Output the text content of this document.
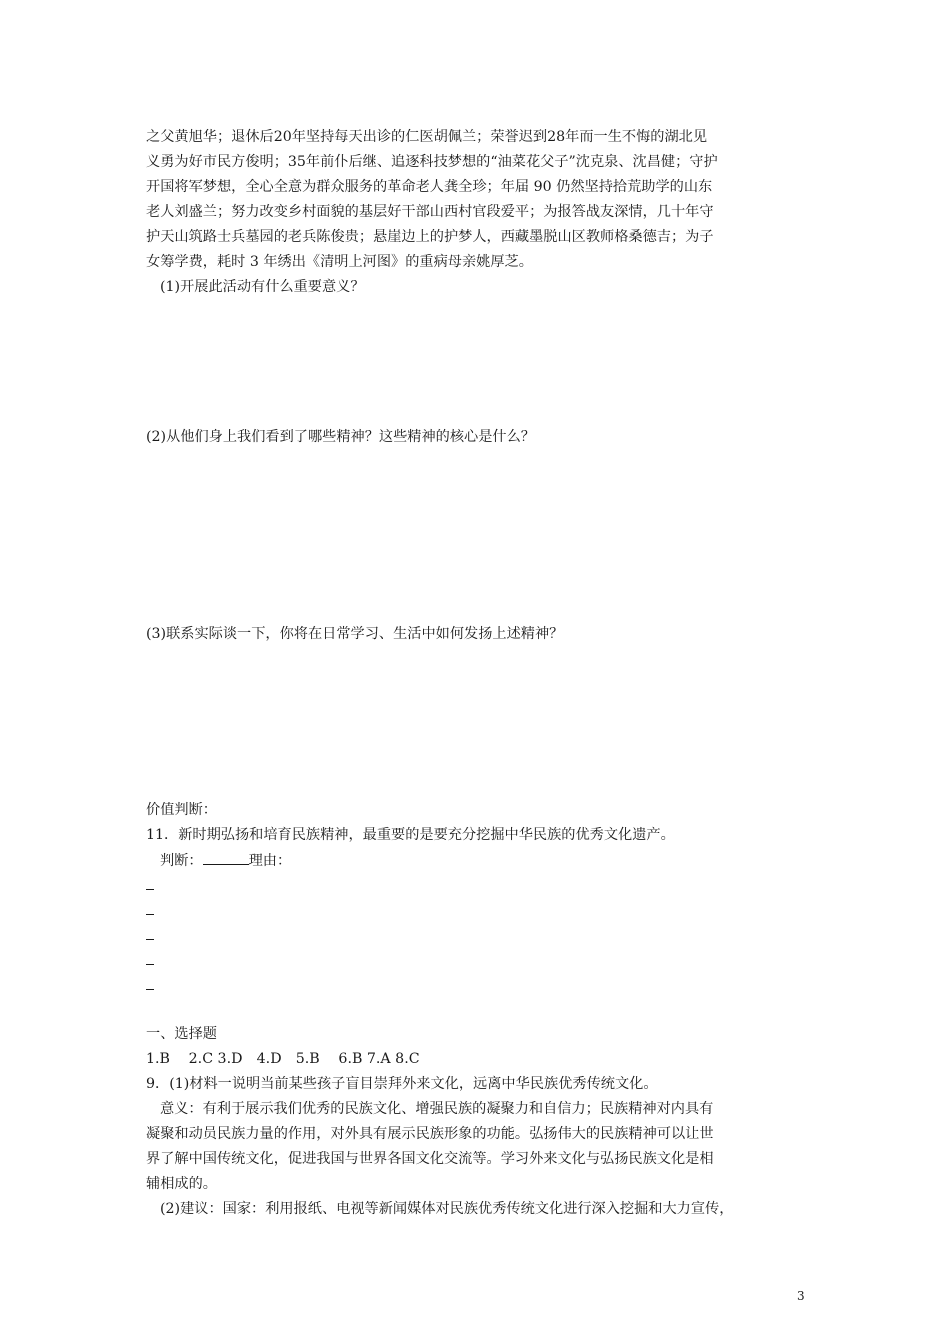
之父黄旭华；退休后20年坚持每天出诊的仁医胡佩兰；荣誉迟到28年而一生不悔的湖北见
义勇为好市民方俊明；35年前仆后继、追逐科技梦想的“油菜花父子”沈克泉、沈昌健；守护
开国将军梦想，全心全意为群众服务的革命老人龚全珍；年届 90 仍然坚持拾荒助学的山东
老人刘盛兰；努力改变乡村面貌的基层好干部山西村官段爱平；为报答战友深情，几十年守
护天山筑路士兵墓园的老兵陈俊贵；悬崖边上的护梦人，西藏墨脱山区教师格桑德吉；为子
女筹学费，耗时 3 年绣出《清明上河图》的重病母亲姚厚芝。
(1)开展此活动有什么重要意义？
(2)从他们身上我们看到了哪些精神？这些精神的核心是什么？
(3)联系实际谈一下，你将在日常学习、生活中如何发扬上述精神？
价值判断：
11．新时期弘扬和培育民族精神，最重要的是要充分挖掘中华民族的优秀文化遗产。
判断：	理由：
一、选择题
1.B　 2.C 3.D　4.D　5.B　 6.B 7.A 8.C
9．(1)材料一说明当前某些孩子盲目崇拜外来文化，远离中华民族优秀传统文化。
意义：有利于展示我们优秀的民族文化、增强民族的凝聚力和自信力；民族精神对内具有
凝聚和动员民族力量的作用，对外具有展示民族形象的功能。弘扬伟大的民族精神可以让世
界了解中国传统文化，促进我国与世界各国文化交流等。学习外来文化与弘扬民族文化是相
辅相成的。
(2)建议：国家：利用报纸、电视等新闻媒体对民族优秀传统文化进行深入挖掘和大力宣传，
3
